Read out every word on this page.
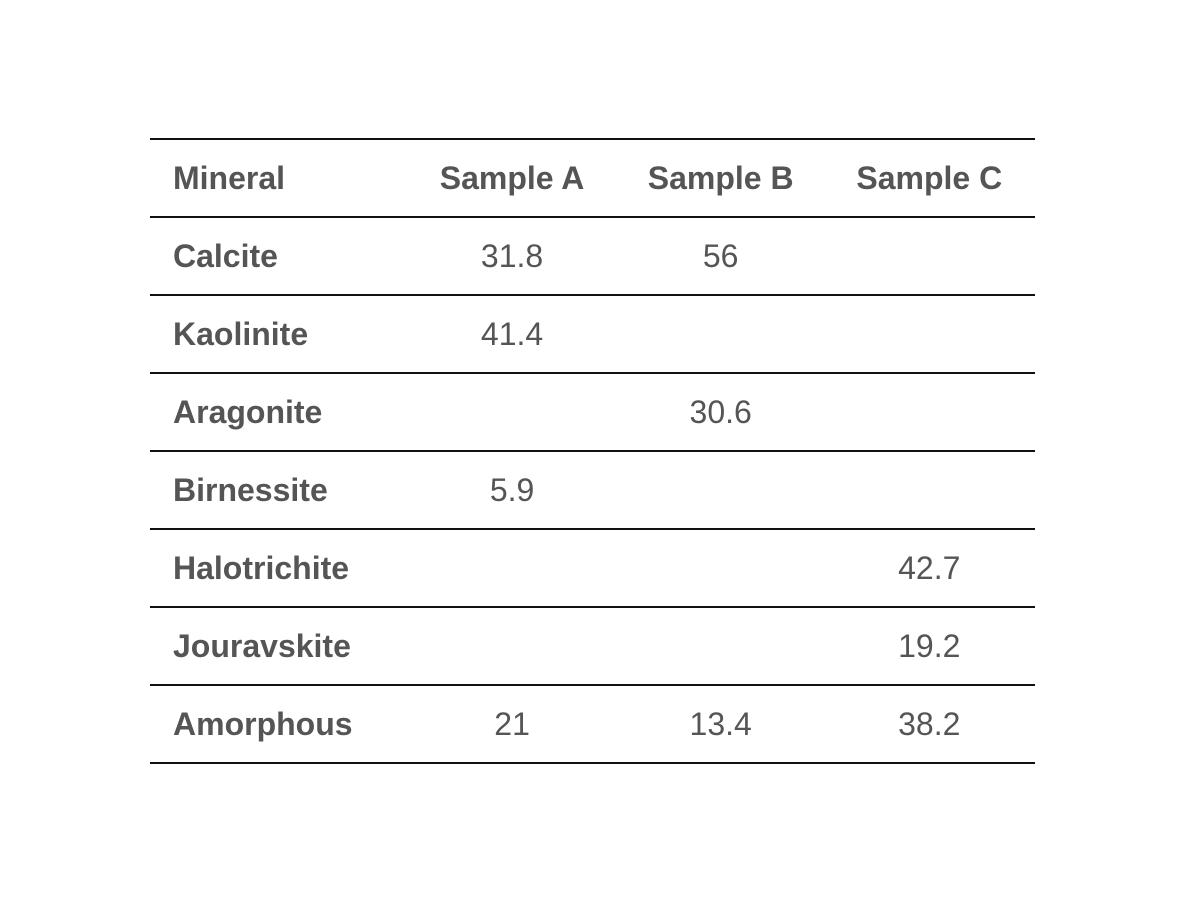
Mineral	Sample A	Sample B	Sample C
Calcite	31.8	56	
Kaolinite	41.4		
Aragonite		30.6	
Birnessite	5.9		
Halotrichite			42.7
Jouravskite			19.2
Amorphous	21	13.4	38.2
